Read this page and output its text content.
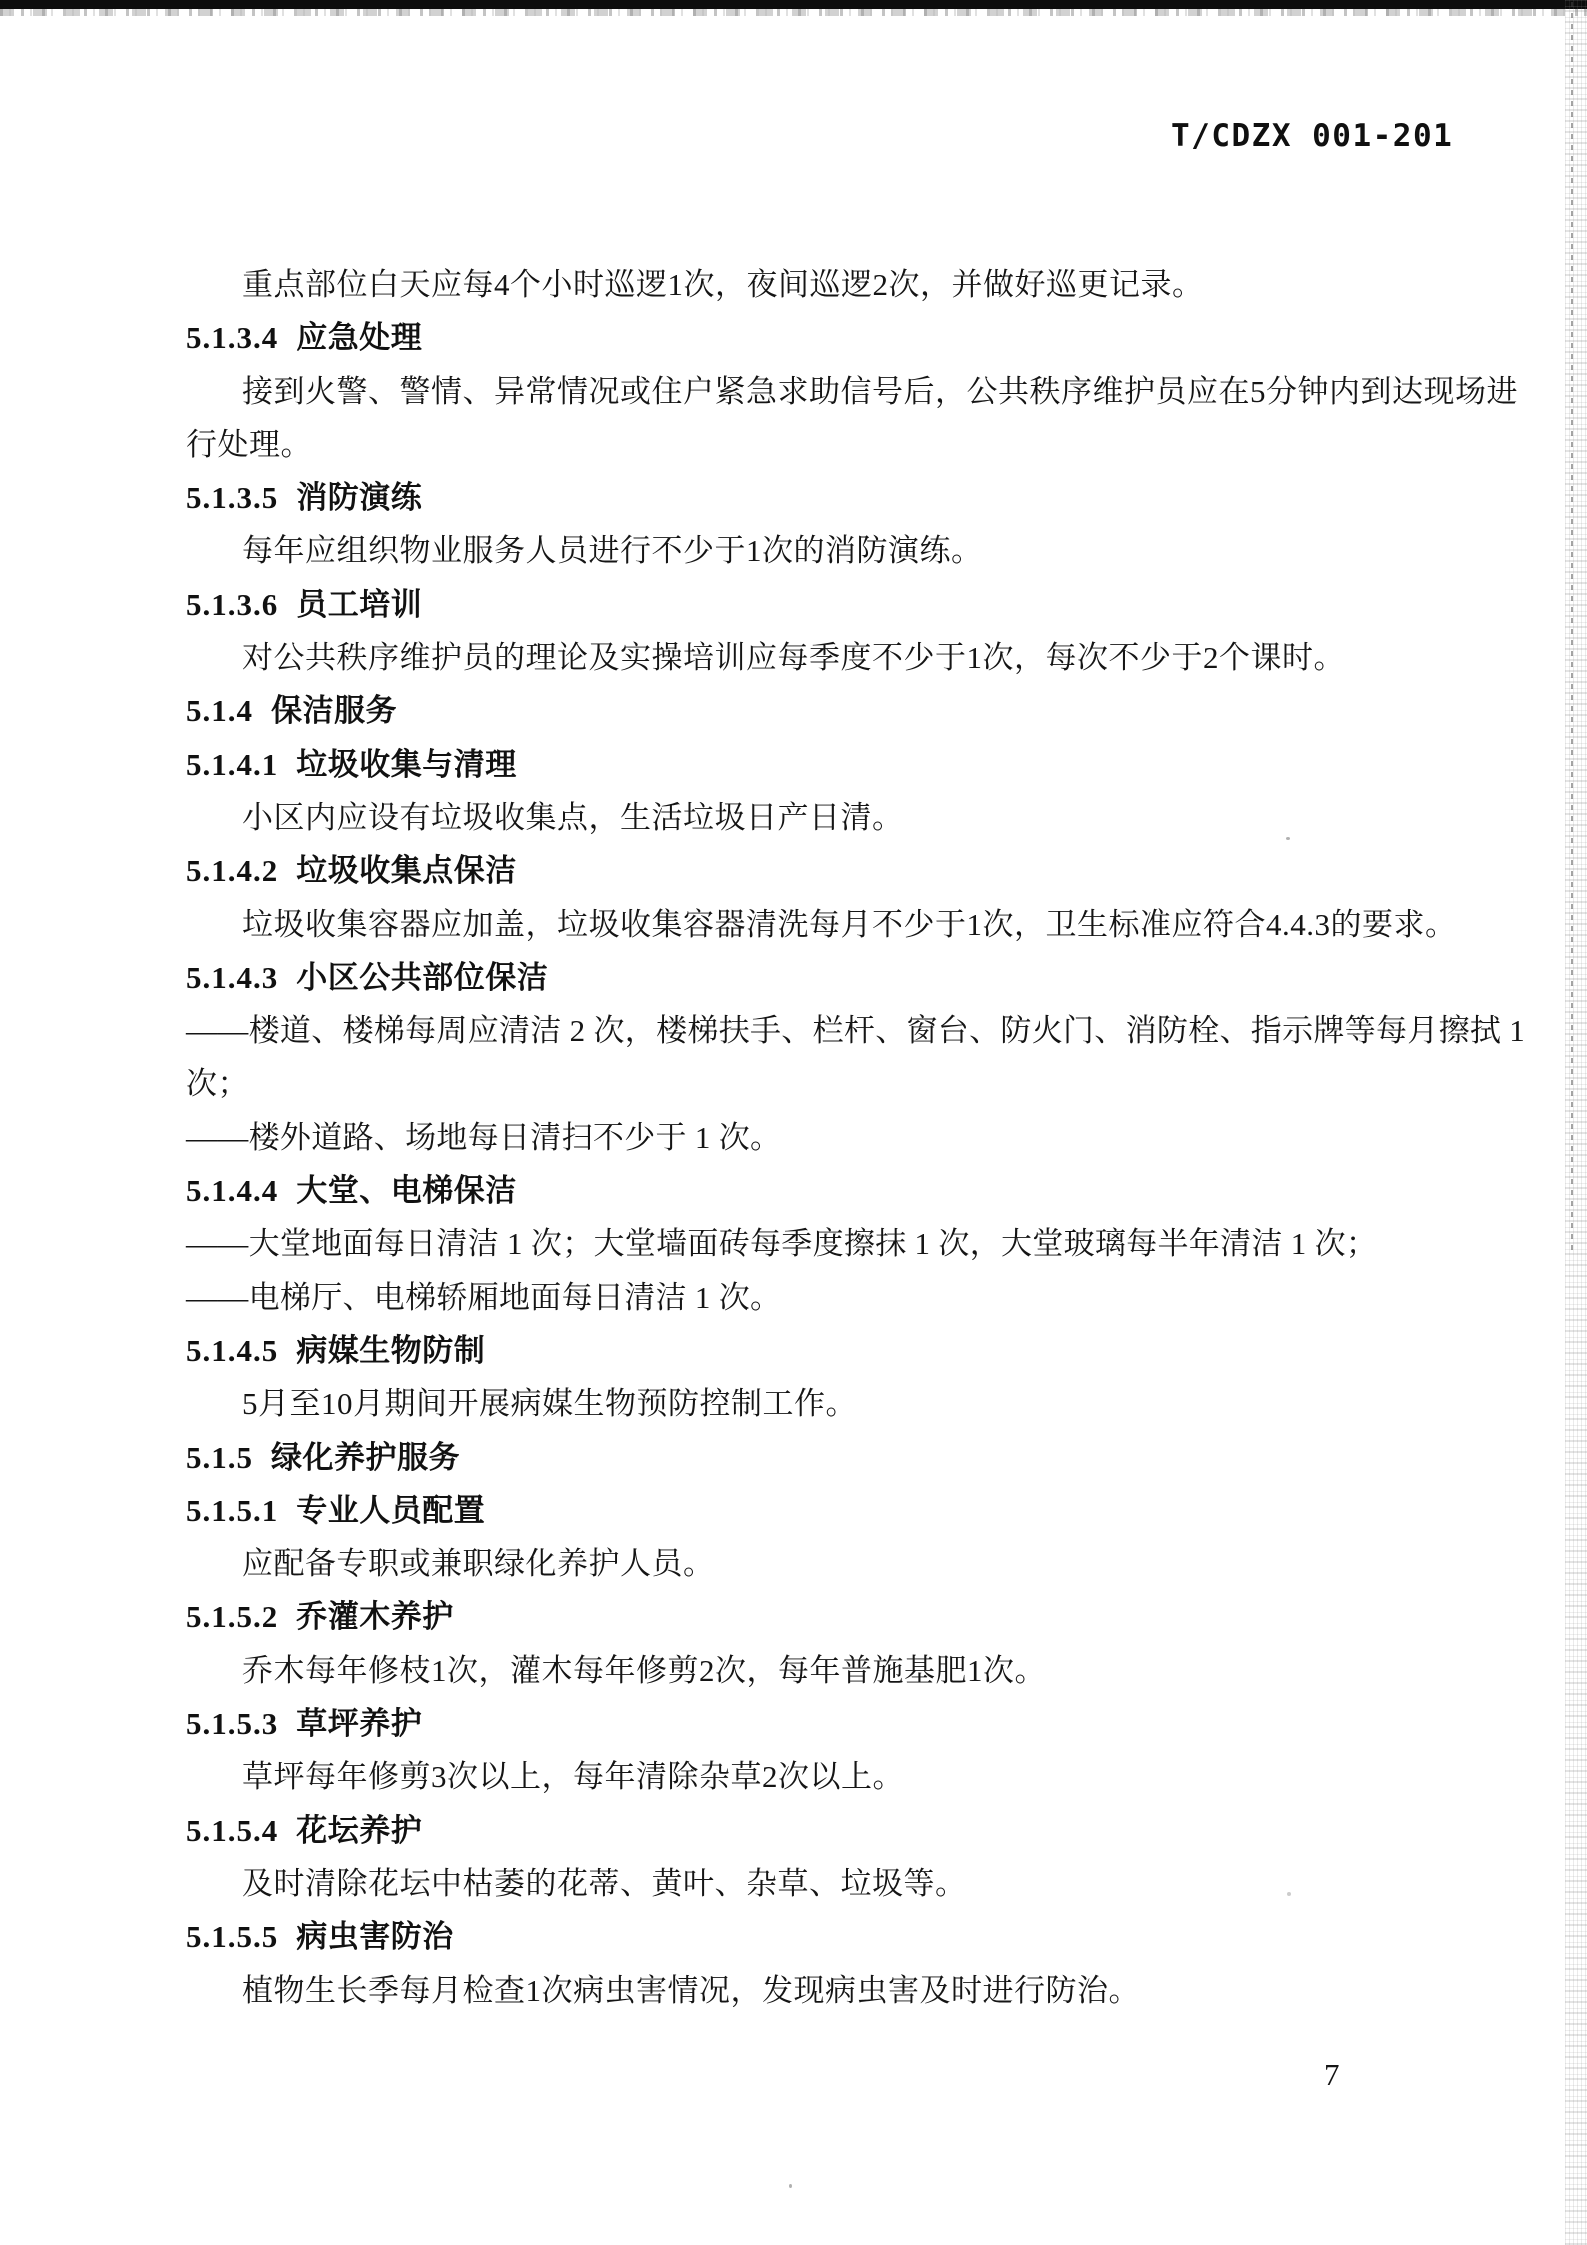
T/CDZX 001-201
重点部位白天应每4个小时巡逻1次，夜间巡逻2次，并做好巡更记录。
5.1.3.4 应急处理
接到火警、警情、异常情况或住户紧急求助信号后，公共秩序维护员应在5分钟内到达现场进
行处理。
5.1.3.5 消防演练
每年应组织物业服务人员进行不少于1次的消防演练。
5.1.3.6 员工培训
对公共秩序维护员的理论及实操培训应每季度不少于1次，每次不少于2个课时。
5.1.4 保洁服务
5.1.4.1 垃圾收集与清理
小区内应设有垃圾收集点，生活垃圾日产日清。
5.1.4.2 垃圾收集点保洁
垃圾收集容器应加盖，垃圾收集容器清洗每月不少于1次，卫生标准应符合4.4.3的要求。
5.1.4.3 小区公共部位保洁
——楼道、楼梯每周应清洁 2 次，楼梯扶手、栏杆、窗台、防火门、消防栓、指示牌等每月擦拭 1
次；
——楼外道路、场地每日清扫不少于 1 次。
5.1.4.4 大堂、电梯保洁
——大堂地面每日清洁 1 次；大堂墙面砖每季度擦抹 1 次，大堂玻璃每半年清洁 1 次；
——电梯厅、电梯轿厢地面每日清洁 1 次。
5.1.4.5 病媒生物防制
5月至10月期间开展病媒生物预防控制工作。
5.1.5 绿化养护服务
5.1.5.1 专业人员配置
应配备专职或兼职绿化养护人员。
5.1.5.2 乔灌木养护
乔木每年修枝1次，灌木每年修剪2次，每年普施基肥1次。
5.1.5.3 草坪养护
草坪每年修剪3次以上，每年清除杂草2次以上。
5.1.5.4 花坛养护
及时清除花坛中枯萎的花蒂、黄叶、杂草、垃圾等。
5.1.5.5 病虫害防治
植物生长季每月检查1次病虫害情况，发现病虫害及时进行防治。
7
